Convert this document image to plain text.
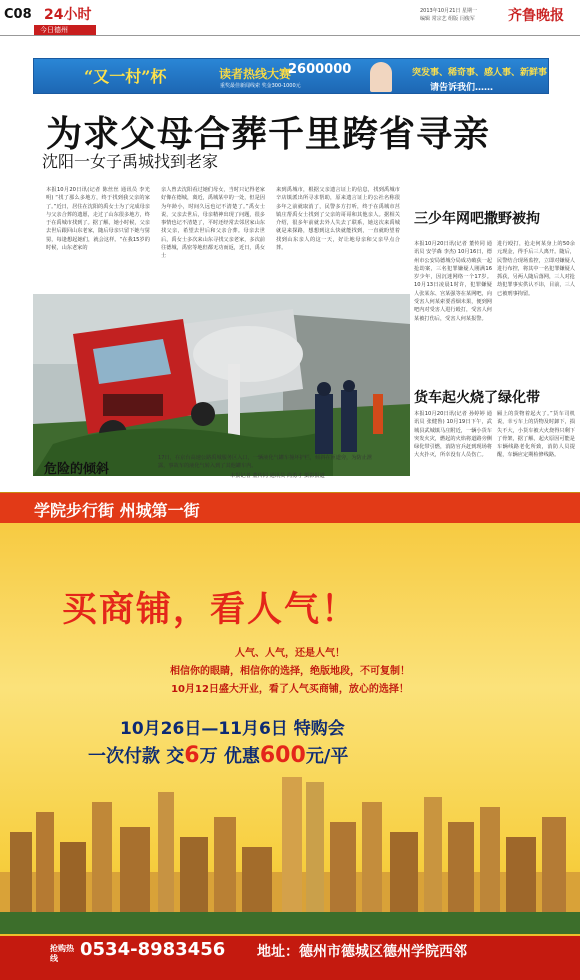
C08 24小时
今日德州
2013年10月21日 星期一
编辑 常宗艺 组版 闫俊军 齐鲁晚报
“又一村”杯	读者热线大赛
2600000
重奖最佳新闻线索 奖金300-1000元
突发事、稀奇事、感人事、新鲜事
请告诉我们……
为求父母合葬千里跨省寻亲
沈阳一女子禹城找到老家
本报10月20日讯(记者 陈丝丝 通讯员 李光明) “找了那么多地方，终于找到我父亲的家了。”近日，居住在沈阳的禹女士为了完成母亲与父亲合葬的遗愿，走过了山东很多地方，终于在禹城市找到了。据了解，她小时候，父亲去世后跟回山东老家，随后母亲只留下她与舅舅，每逢想起她们，就会这样。“在我15岁的时候，山东老家的
亲人曾去沈阳看过她们母女，当时只记得老家好像在德城，离近，禹城某中的一处，但是因为年龄小，时间久远也记不清楚了。”禹女士说，父亲去世后，母亲精神出现了问题，很多事情也记不清楚了，平时还经常去邻居家山东找父亲，希望去世后和父亲合葬。母亲去世后，禹女士多次来山东寻找父亲老家，多次前往德城，禹密等地但都无功而返，近日，禹女士
来到禹城市，根据父亲遗言证上的信息，找到禹城市辛店镇派出所寻求帮助，原来遗言证上的公社名称很多年之前就取消了，民警多方打听，终于在禹城市莒镇庄帮禹女士找到了父亲的哥哥和其他亲人。据相关介绍，很多年前就去外人失去了联系，她这次来禹城就是来探路，想想到这么快就能找到，一直就盼望着找到山东亲人的这一天，好让地母亲和父亲早点合葬。
危险的倾斜
17日，在京台高速公路禹城服务区入口，一辆液化气罐车撞坏护栏，倾斜在匝道旁，为防止泄露，事故车的液化气转入到了其他罐车内。
本报记者 董传同 通讯员 尚勇才 摄影报道
三少年网吧撒野被拘
本报10月20日讯(记者 董传同 通讯员 安学森 李杰) 10月16日，德州市公安局德城分局成功破获一起抢劫案，三名犯罪嫌疑人刚满16岁少年，因沉迷网络一个17岁。10月13日凌晨1时许，犯罪嫌疑人张某东、宫某强等在某网吧，向受害人何某索要香烟未果，便到网吧内对受害人进行殴打，受害人何某被打伤后，受害人何某报警。
进行殴打，抢走何某身上的50余元现金，得手后三人离开。随后，民警结合现场监控，立即对嫌疑人进行布控，将其中一名犯罪嫌疑人抓获，另两人随后落网，三人对抢劫犯罪事实供认不讳，目前，三人已被刑事拘留。
货车起火烧了绿化带
本报10月20日讯(记者 孙婷婷 通讯员 张健鲁) 10月19日下午，武城县武城镇马庄附近，一辆小货车突发火灾，燃起的火焰将道路旁侧绿化带引燃，消防官兵赶到现场将大火扑灭，所幸没有人员伤亡。
厢上的货物着起火了。”货车司机说，幸亏车上的货物及时卸下，损失不大，小货车被大火烧得只剩下了骨架，据了解，起火原因可能是车辆线路老化所致，消防人员提醒，车辆应定期检修线路。
学院步行街 州城第一街
买商铺，看人气！
人气、人气，还是人气！
相信你的眼睛，相信你的选择，绝版地段，不可复制！
10月12日盛大开业，看了人气买商铺，放心的选择！
10月26日—11月6日 特购会
一次付款 交6万 优惠600元/平
抢购热线	0534-8983456 地址：德州市德城区德州学院西邻
